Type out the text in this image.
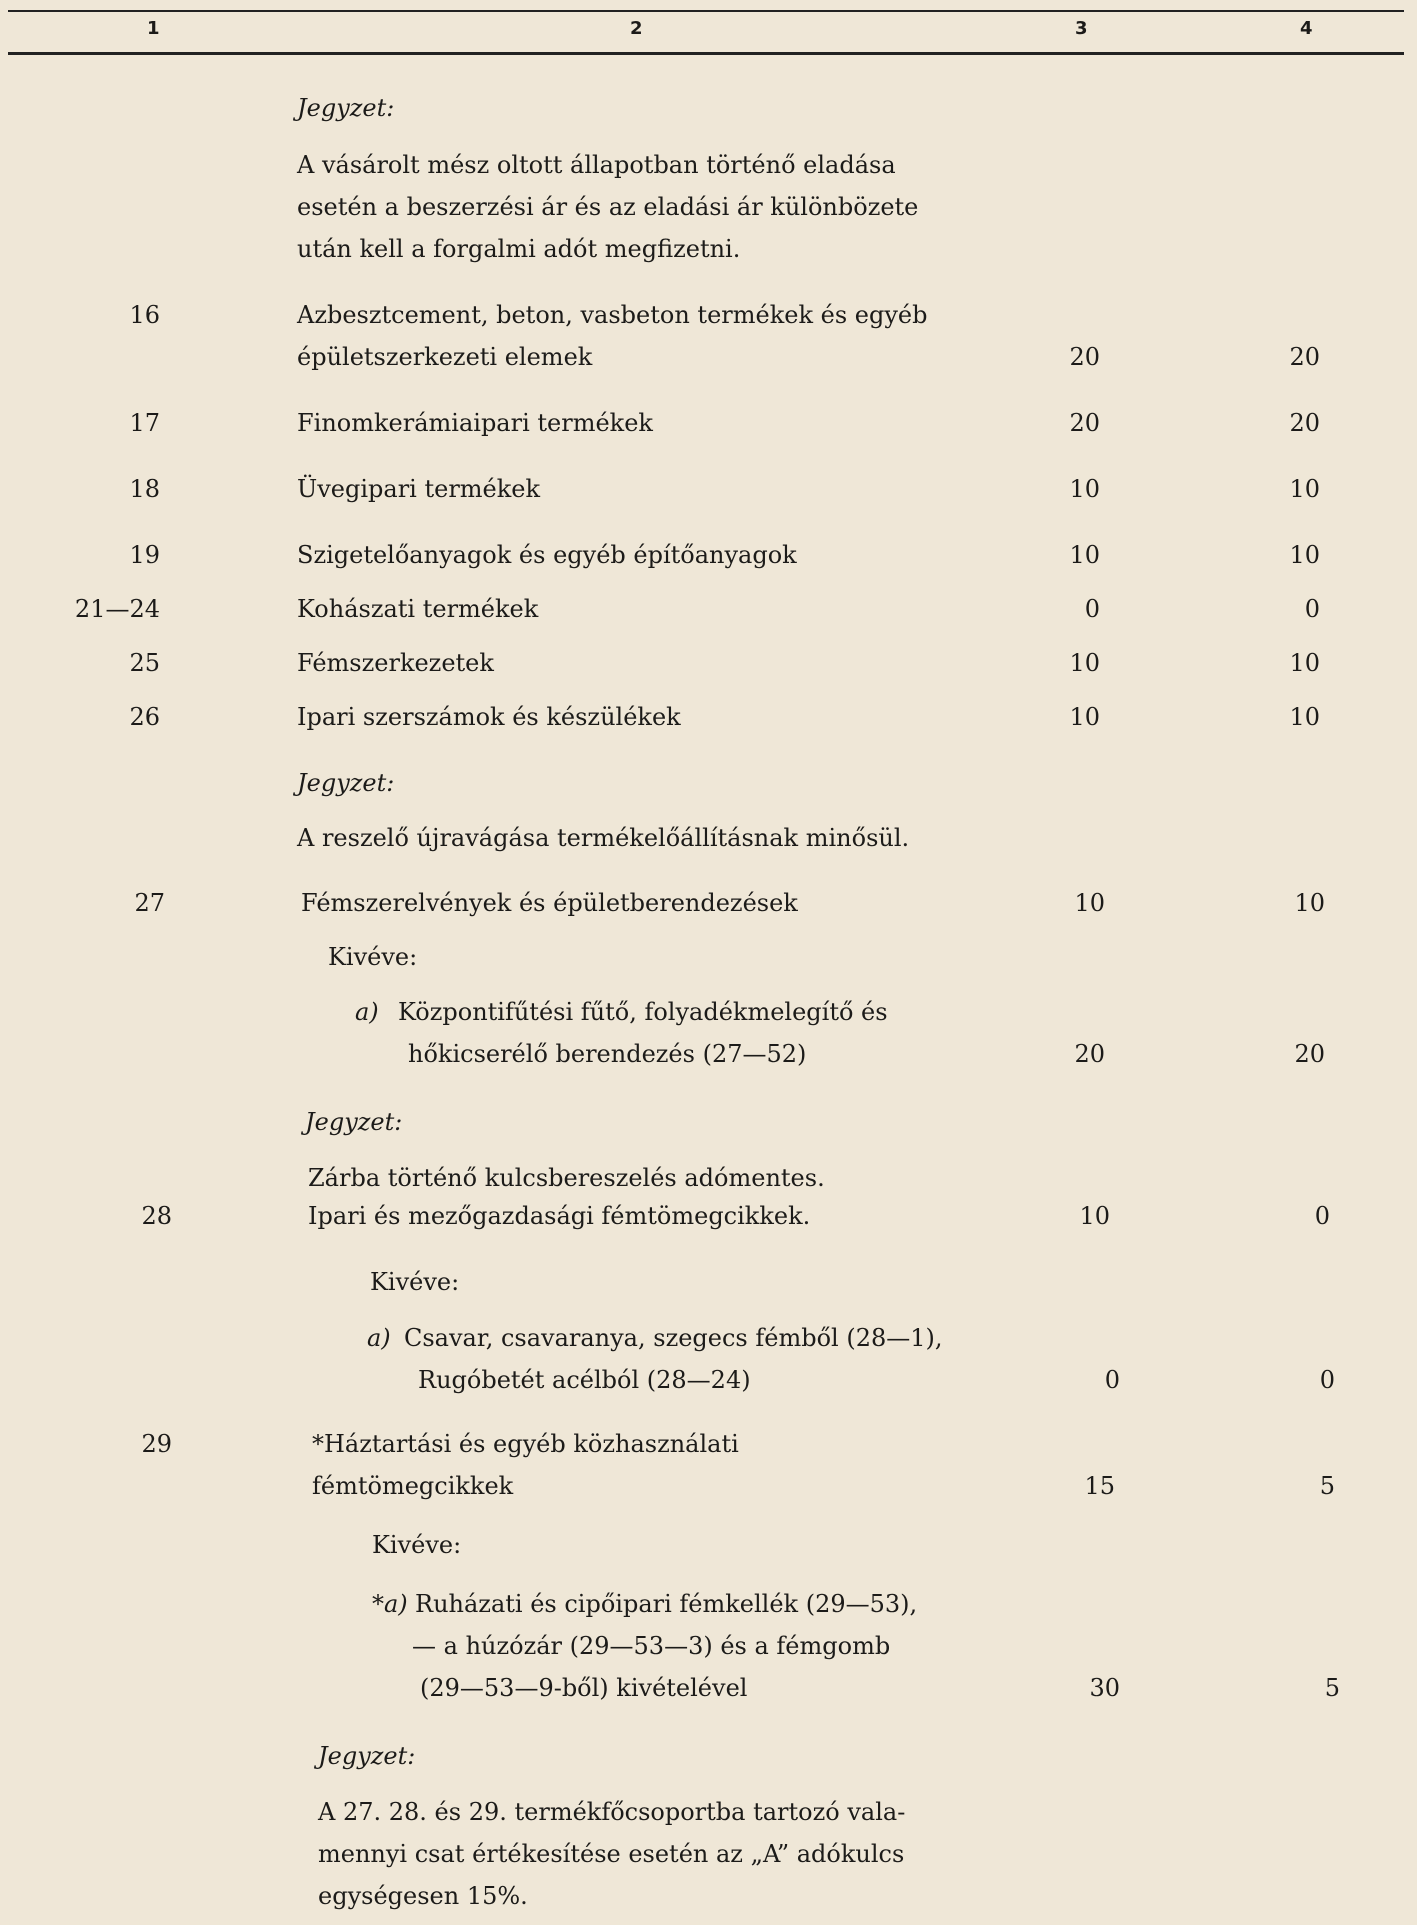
1	2	3	4
Jegyzet:
A vásárolt mész oltott állapotban történő eladása
esetén a beszerzési ár és az eladási ár különbözete
után kell a forgalmi adót megfizetni.
16	Azbesztcement, beton, vasbeton termékek és egyéb
épületszerkezeti elemek	20	20
17	Finomkerámiaipari termékek	20	20
18	Üvegipari termékek	10	10
19	Szigetelőanyagok és egyéb építőanyagok	10	10
21—24	Kohászati termékek	0	0
25	Fémszerkezetek	10	10
26	Ipari szerszámok és készülékek	10	10
Jegyzet:
A reszelő újravágása termékelőállításnak minősül.
27	Fémszerelvények és épületberendezések	10	10
Kivéve:
a) Központifűtési fűtő, folyadékmelegítő és
hőkicserélő berendezés (27—52)	20	20
Jegyzet:
Zárba történő kulcsbereszelés adómentes.
28	Ipari és mezőgazdasági fémtömegcikkek.	10	0
Kivéve:
a) Csavar, csavaranya, szegecs fémből (28—1),
Rugóbetét acélból (28—24)	0	0
29	*Háztartási és egyéb közhasználati
fémtömegcikkek	15	5
Kivéve:
*a) Ruházati és cipőipari fémkellék (29—53),
— a húzózár (29—53—3) és a fémgomb
(29—53—9-ből) kivételével	30	5
Jegyzet:
A 27. 28. és 29. termékfőcsoportba tartozó vala-
mennyi csat értékesítése esetén az „A” adókulcs
egységesen 15%.
